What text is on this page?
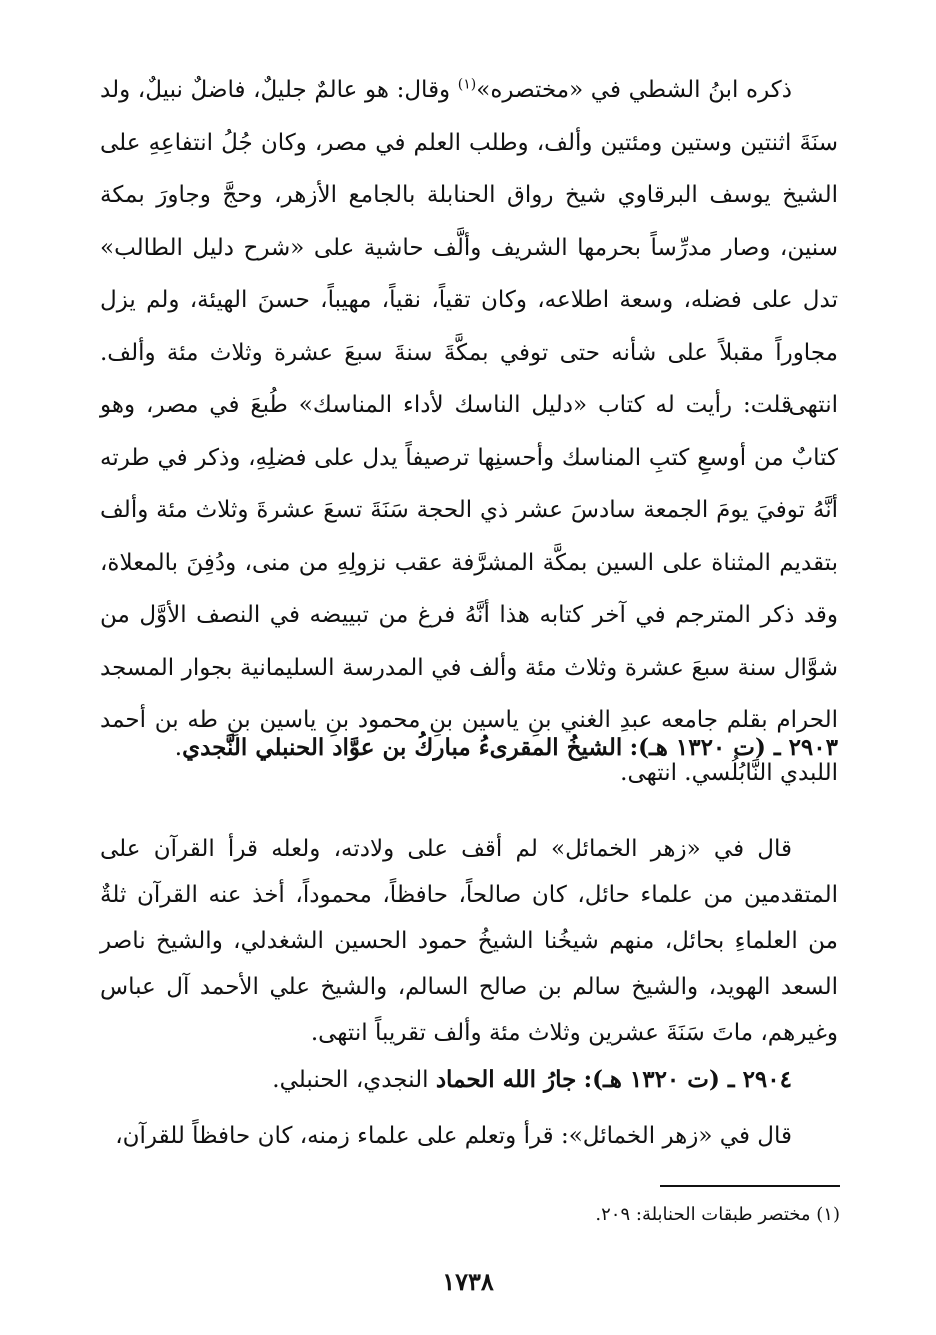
ذكره ابنُ الشطي في «مختصره»$^{(١)}$ وقال: هو عالمٌ جليلٌ، فاضلٌ نبيلٌ، ولد سنَةَ اثنتين وستين ومئتين وألف، وطلب العلم في مصر، وكان جُلُ انتفاعِهِ على الشيخ يوسف البرقاوي شيخ رواق الحنابلة بالجامع الأزهر، وحجَّ وجاورَ بمكة سنين، وصار مدرِّساً بحرمها الشريف وألَّف حاشية على «شرح دليل الطالب» تدل على فضله، وسعة اطلاعه، وكان تقياً، نقياً، مهيباً، حسنَ الهيئة، ولم يزل مجاوراً مقبلاً على شأنه حتى توفي بمكَّةَ سنةَ سبعَ عشرة وثلاث مئة وألف. انتهى.
قلت: رأيت له كتاب «دليل الناسك لأداء المناسك» طُبعَ في مصر، وهو كتابٌ من أوسعِ كتبِ المناسك وأحسنِها ترصيفاً يدل على فضلِهِ، وذكر في طرته أنَّهُ توفيَ يومَ الجمعة سادسَ عشر ذي الحجة سَنَةَ تسعَ عشرةَ وثلاث مئة وألف بتقديم المثناة على السين بمكَّة المشرَّفة عقب نزولِهِ من منى، ودُفِنَ بالمعلاة، وقد ذكر المترجم في آخر كتابه هذا أنَّهُ فرغ من تبييضه في النصف الأوَّل من شوَّال سنة سبعَ عشرة وثلاث مئة وألف في المدرسة السليمانية بجوار المسجد الحرام بقلم جامعه عبدِ الغني بنِ ياسين بنِ محمود بنِ ياسين بنِ طه بن أحمد اللبدي النَّابُلُسي. انتهى.
٢٩٠٣ ـ (ت ١٣٢٠ هـ): الشيخُ المقرىءُ مباركُ بن عوَّاد الحنبلي النَّجدي.
قال في «زهر الخمائل» لم أقف على ولادته، ولعله قرأ القرآن على المتقدمين من علماء حائل، كان صالحاً، حافظاً، محموداً، أخذ عنه القرآن ثلةٌ من العلماءِ بحائل، منهم شيخُنا الشيخُ حمود الحسين الشغدلي، والشيخ ناصر السعد الهويد، والشيخ سالم بن صالح السالم، والشيخ علي الأحمد آل عباس وغيرهم، ماتَ سَنَةَ عشرين وثلاث مئة وألف تقريباً انتهى.
٢٩٠٤ ـ (ت ١٣٢٠ هـ): جارُ الله الحماد النجدي، الحنبلي.
قال في «زهر الخمائل»: قرأ وتعلم على علماء زمنه، كان حافظاً للقرآن،
(١) مختصر طبقات الحنابلة: ٢٠٩.
١٧٣٨
